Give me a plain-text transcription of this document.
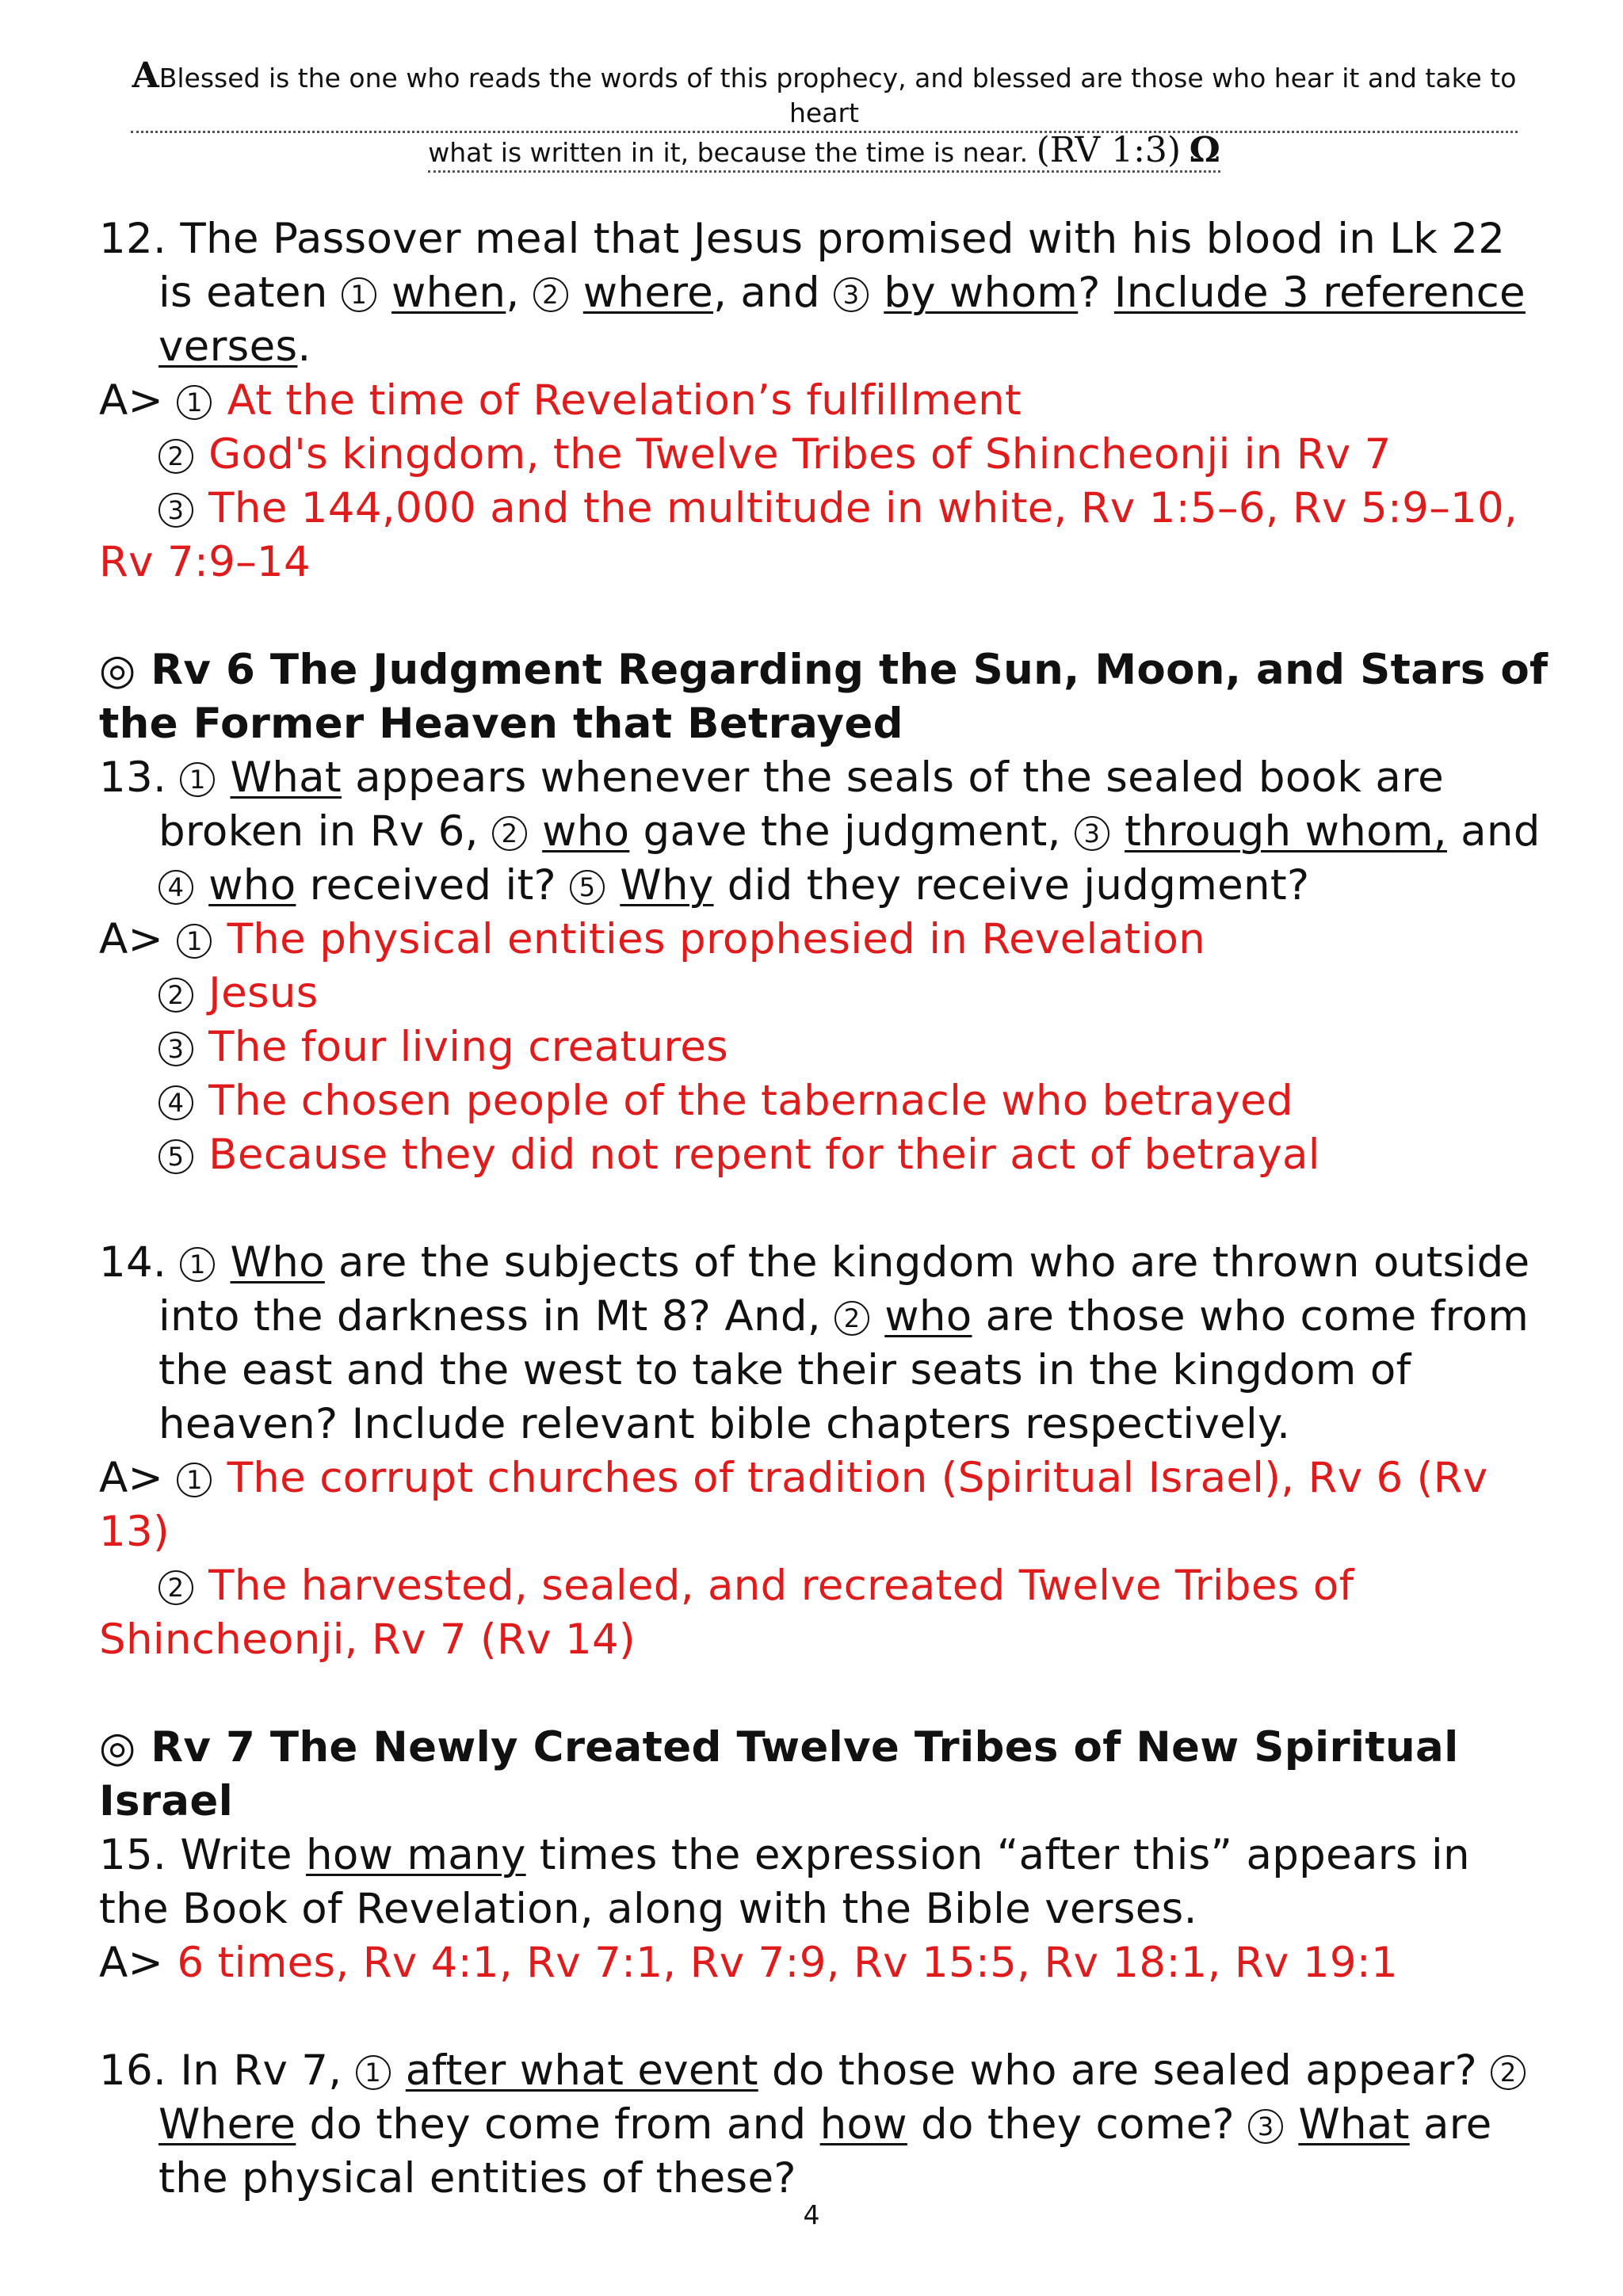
ABlessed is the one who reads the words of this prophecy, and blessed are those who hear it and take to heart
what is written in it, because the time is near. (RV 1:3) Ω

12. The Passover meal that Jesus promised with his blood in Lk 22 is eaten 1 when, 2 where, and 3 by whom? Include 3 reference verses.

A> 1 At the time of Revelation’s fulfillment

2 God's kingdom, the Twelve Tribes of Shincheonji in Rv 7

3 The 144,000 and the multitude in white, Rv 1:5–6, Rv 5:9–10, Rv 7:9–14

◎ Rv 6 The Judgment Regarding the Sun, Moon, and Stars of the Former Heaven that Betrayed

13. 1 What appears whenever the seals of the sealed book are broken in Rv 6, 2 who gave the judgment, 3 through whom, and 4 who received it? 5 Why did they receive judgment?

A> 1 The physical entities prophesied in Revelation

2 Jesus

3 The four living creatures

4 The chosen people of the tabernacle who betrayed

5 Because they did not repent for their act of betrayal

14. 1 Who are the subjects of the kingdom who are thrown outside into the darkness in Mt 8? And, 2 who are those who come from the east and the west to take their seats in the kingdom of heaven? Include relevant bible chapters respectively.

A> 1 The corrupt churches of tradition (Spiritual Israel), Rv 6 (Rv 13)

2 The harvested, sealed, and recreated Twelve Tribes of Shincheonji, Rv 7 (Rv 14)

◎ Rv 7 The Newly Created Twelve Tribes of New Spiritual Israel

15. Write how many times the expression “after this” appears in the Book of Revelation, along with the Bible verses.

A> 6 times, Rv 4:1, Rv 7:1, Rv 7:9, Rv 15:5, Rv 18:1, Rv 19:1

16. In Rv 7, 1 after what event do those who are sealed appear? 2 Where do they come from and how do they come? 3 What are the physical entities of these?

4
